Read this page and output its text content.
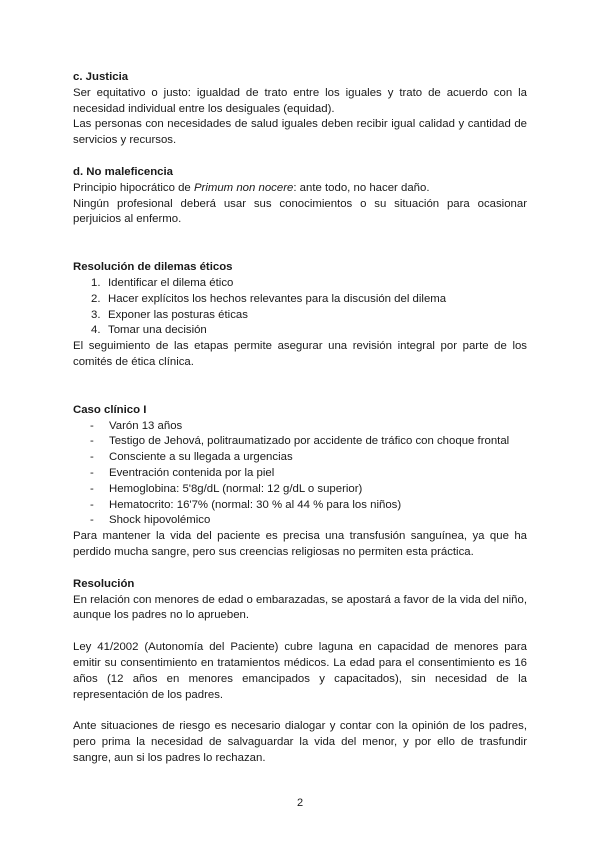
c. Justicia

Ser equitativo o justo: igualdad de trato entre los iguales y trato de acuerdo con la necesidad individual entre los desiguales (equidad).

Las personas con necesidades de salud iguales deben recibir igual calidad y cantidad de servicios y recursos.

d. No maleficencia

Principio hipocrático de Primum non nocere: ante todo, no hacer daño.

Ningún profesional deberá usar sus conocimientos o su situación para ocasionar perjuicios al enfermo.

Resolución de dilemas éticos

1. Identificar el dilema ético
2. Hacer explícitos los hechos relevantes para la discusión del dilema
3. Exponer las posturas éticas
4. Tomar una decisión

El seguimiento de las etapas permite asegurar una revisión integral por parte de los comités de ética clínica.

Caso clínico I

- Varón 13 años
- Testigo de Jehová, politraumatizado por accidente de tráfico con choque frontal
- Consciente a su llegada a urgencias
- Eventración contenida por la piel
- Hemoglobina: 5'8g/dL (normal: 12 g/dL o superior)
- Hematocrito: 16'7% (normal: 30 % al 44 % para los niños)
- Shock hipovolémico

Para mantener la vida del paciente es precisa una transfusión sanguínea, ya que ha perdido mucha sangre, pero sus creencias religiosas no permiten esta práctica.

Resolución

En relación con menores de edad o embarazadas, se apostará a favor de la vida del niño, aunque los padres no lo aprueben.

Ley 41/2002 (Autonomía del Paciente) cubre laguna en capacidad de menores para emitir su consentimiento en tratamientos médicos. La edad para el consentimiento es 16 años (12 años en menores emancipados y capacitados), sin necesidad de la representación de los padres.

Ante situaciones de riesgo es necesario dialogar y contar con la opinión de los padres, pero prima la necesidad de salvaguardar la vida del menor, y por ello de trasfundir sangre, aun si los padres lo rechazan.

2
